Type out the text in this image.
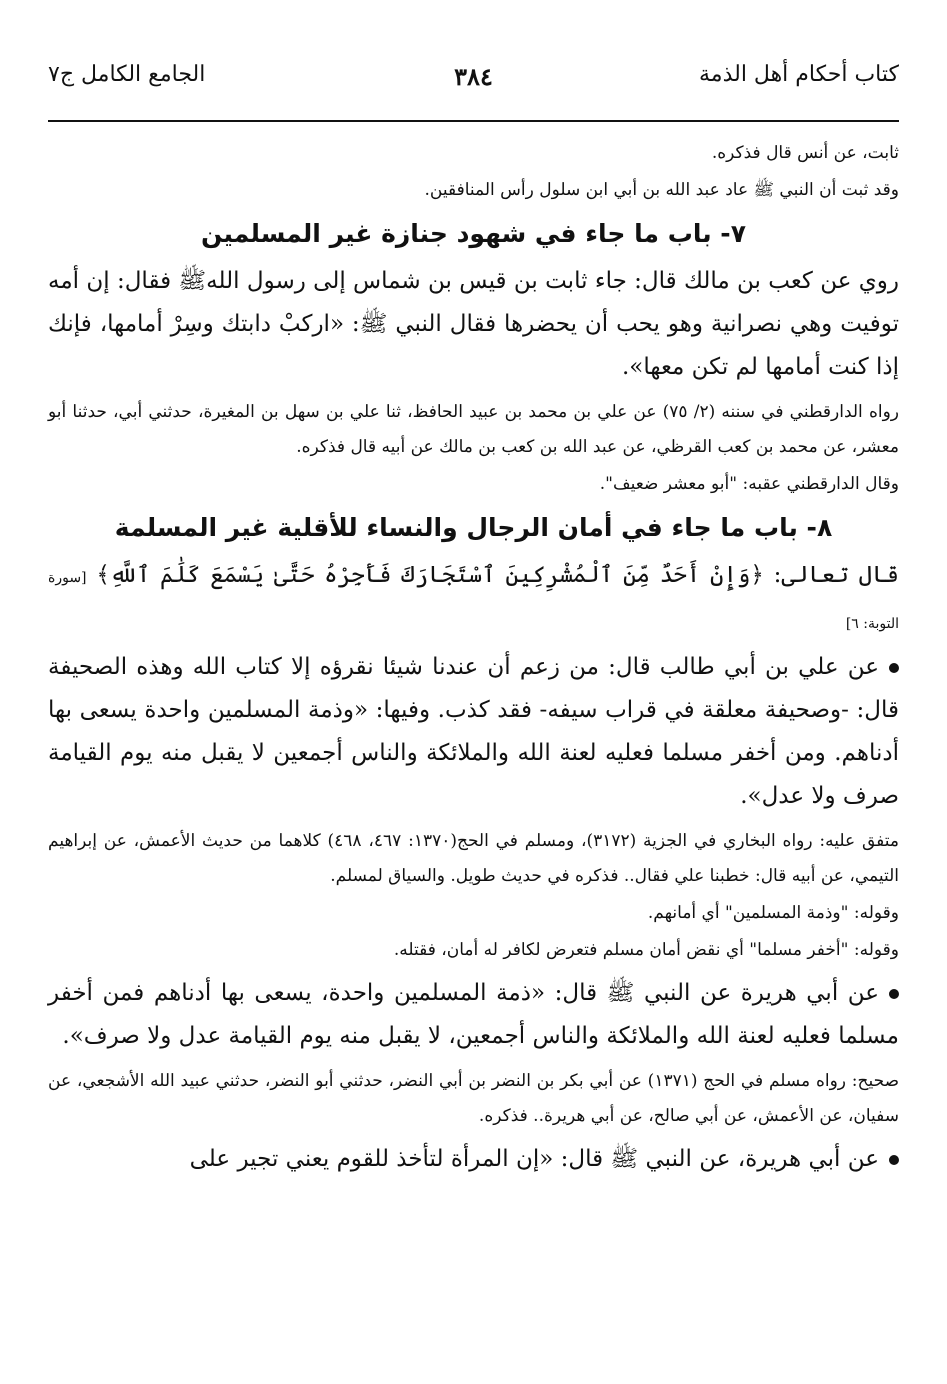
كتاب أحكام أهل الذمة
٣٨٤
الجامع الكامل ج٧

ثابت، عن أنس قال فذكره.

وقد ثبت أن النبي ﷺ عاد عبد الله بن أبي ابن سلول رأس المنافقين.

٧- باب ما جاء في شهود جنازة غير المسلمين

روي عن كعب بن مالك قال: جاء ثابت بن قيس بن شماس إلى رسول اللهﷺ فقال: إن أمه توفيت وهي نصرانية وهو يحب أن يحضرها فقال النبي ﷺ: «اركبْ دابتك وسِرْ أمامها، فإنك إذا كنت أمامها لم تكن معها».

رواه الدارقطني في سننه (٢/ ٧٥) عن علي بن محمد بن عبيد الحافظ، ثنا علي بن سهل بن المغيرة، حدثني أبي، حدثنا أبو معشر، عن محمد بن كعب القرظي، عن عبد الله بن كعب بن مالك عن أبيه قال فذكره.

وقال الدارقطني عقبه: "أبو معشر ضعيف".

٨- باب ما جاء في أمان الرجال والنساء للأقلية غير المسلمة

قال تعالى: ﴿وَإِنْ أَحَدٌ مِّنَ ٱلْمُشْرِكِينَ ٱسْتَجَارَكَ فَأَجِرْهُ حَتَّىٰ يَسْمَعَ كَلَٰمَ ٱللَّهِ﴾ [سورة التوبة: ٦]

عن علي بن أبي طالب قال: من زعم أن عندنا شيئا نقرؤه إلا كتاب الله وهذه الصحيفة قال: -وصحيفة معلقة في قراب سيفه- فقد كذب. وفيها: «وذمة المسلمين واحدة يسعى بها أدناهم. ومن أخفر مسلما فعليه لعنة الله والملائكة والناس أجمعين لا يقبل منه يوم القيامة صرف ولا عدل».

متفق عليه: رواه البخاري في الجزية (٣١٧٢)، ومسلم في الحج(١٣٧٠: ٤٦٧، ٤٦٨) كلاهما من حديث الأعمش، عن إبراهيم التيمي، عن أبيه قال: خطبنا علي فقال.. فذكره في حديث طويل. والسياق لمسلم.

وقوله: "وذمة المسلمين" أي أمانهم.

وقوله: "أخفر مسلما" أي نقض أمان مسلم فتعرض لكافر له أمان، فقتله.

عن أبي هريرة عن النبي ﷺ قال: «ذمة المسلمين واحدة، يسعى بها أدناهم فمن أخفر مسلما فعليه لعنة الله والملائكة والناس أجمعين، لا يقبل منه يوم القيامة عدل ولا صرف».

صحيح: رواه مسلم في الحج (١٣٧١) عن أبي بكر بن النضر بن أبي النضر، حدثني أبو النضر، حدثني عبيد الله الأشجعي، عن سفيان، عن الأعمش، عن أبي صالح، عن أبي هريرة.. فذكره.

عن أبي هريرة، عن النبي ﷺ قال: «إن المرأة لتأخذ للقوم يعني تجير على
